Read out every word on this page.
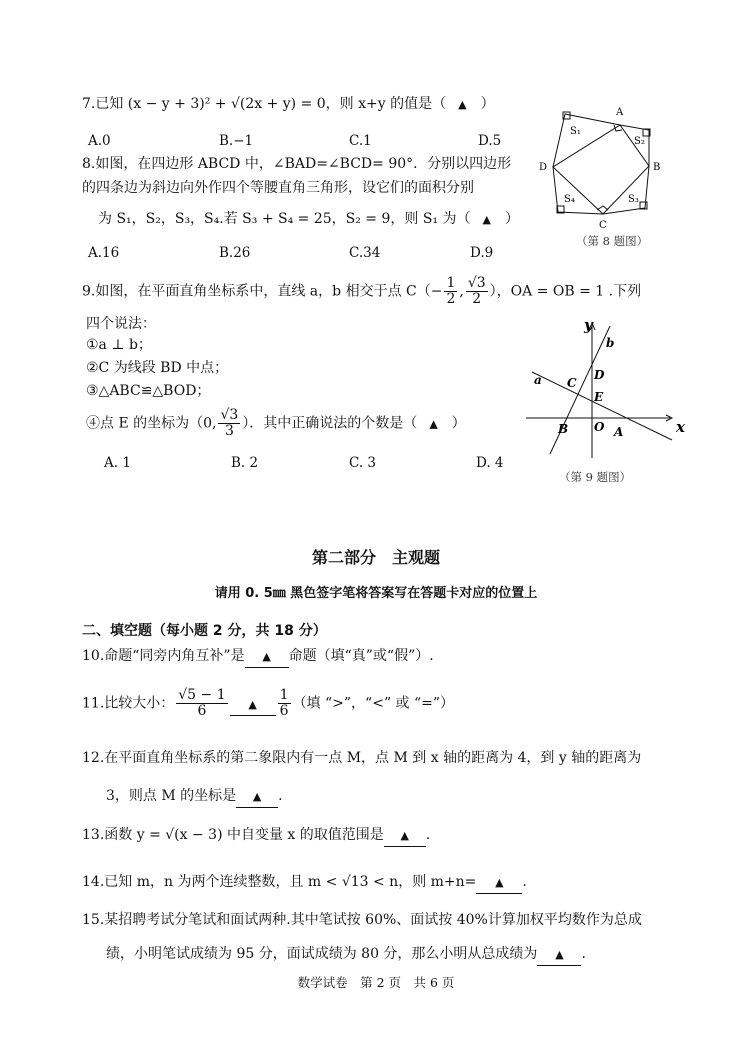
7.已知 (x − y + 3)² + √(2x + y) = 0，则 x+y 的值是（ ▲ ）
A.0	B.−1	C.1	D.5
8.如图，在四边形 ABCD 中，∠BAD=∠BCD= 90°．分别以四边形
的四条边为斜边向外作四个等腰直角三角形，设它们的面积分别
为 S₁，S₂，S₃，S₄.若 S₃ + S₄ = 25，S₂ = 9，则 S₁ 为（ ▲ ）
A.16	B.26	C.34	D.9
A
B
C
D
S₁
S₂
S₃
S₄
（第 8 题图）
9.如图，在平面直角坐标系中，直线 a，b 相交于点 $C(- \frac{1}{2}$ , $\frac{√3}{2}$ ），OA = OB = 1 .下列
四个说法：
①a ⊥ b；
②C 为线段 BD 中点；
③△ABC≌△BOD；
④点 E 的坐标为（0, $\frac{√3}{3}$ ）．其中正确说法的个数是（ ▲ ）
A. 1	B. 2	C. 3	D. 4
y
x
b
a C
D
E
B O A
（第 9 题图）
第二部分　主观题
请用 0. 5㎜ 黑色签字笔将答案写在答题卡对应的位置上
二、填空题（每小题 2 分，共 18 分）
10.命题“同旁内角互补”是 ▲ 命题（填“真”或“假”）.
11.比较大小： $\frac{√5 - 1}{6}$ ▲ $\frac{1}{6}$ （填 “>”，“<” 或 “=”）
12.在平面直角坐标系的第二象限内有一点 M，点 M 到 x 轴的距离为 4，到 y 轴的距离为
3，则点 M 的坐标是 ▲ .
13.函数 y = √(x − 3) 中自变量 x 的取值范围是 ▲ .
14.已知 m，n 为两个连续整数，且 m < √13 < n，则 m+n= ▲ .
15.某招聘考试分笔试和面试两种.其中笔试按 60%、面试按 40%计算加权平均数作为总成
绩，小明笔试成绩为 95 分，面试成绩为 80 分，那么小明从总成绩为 ▲ .
数学试卷　第 2 页　共 6 页
